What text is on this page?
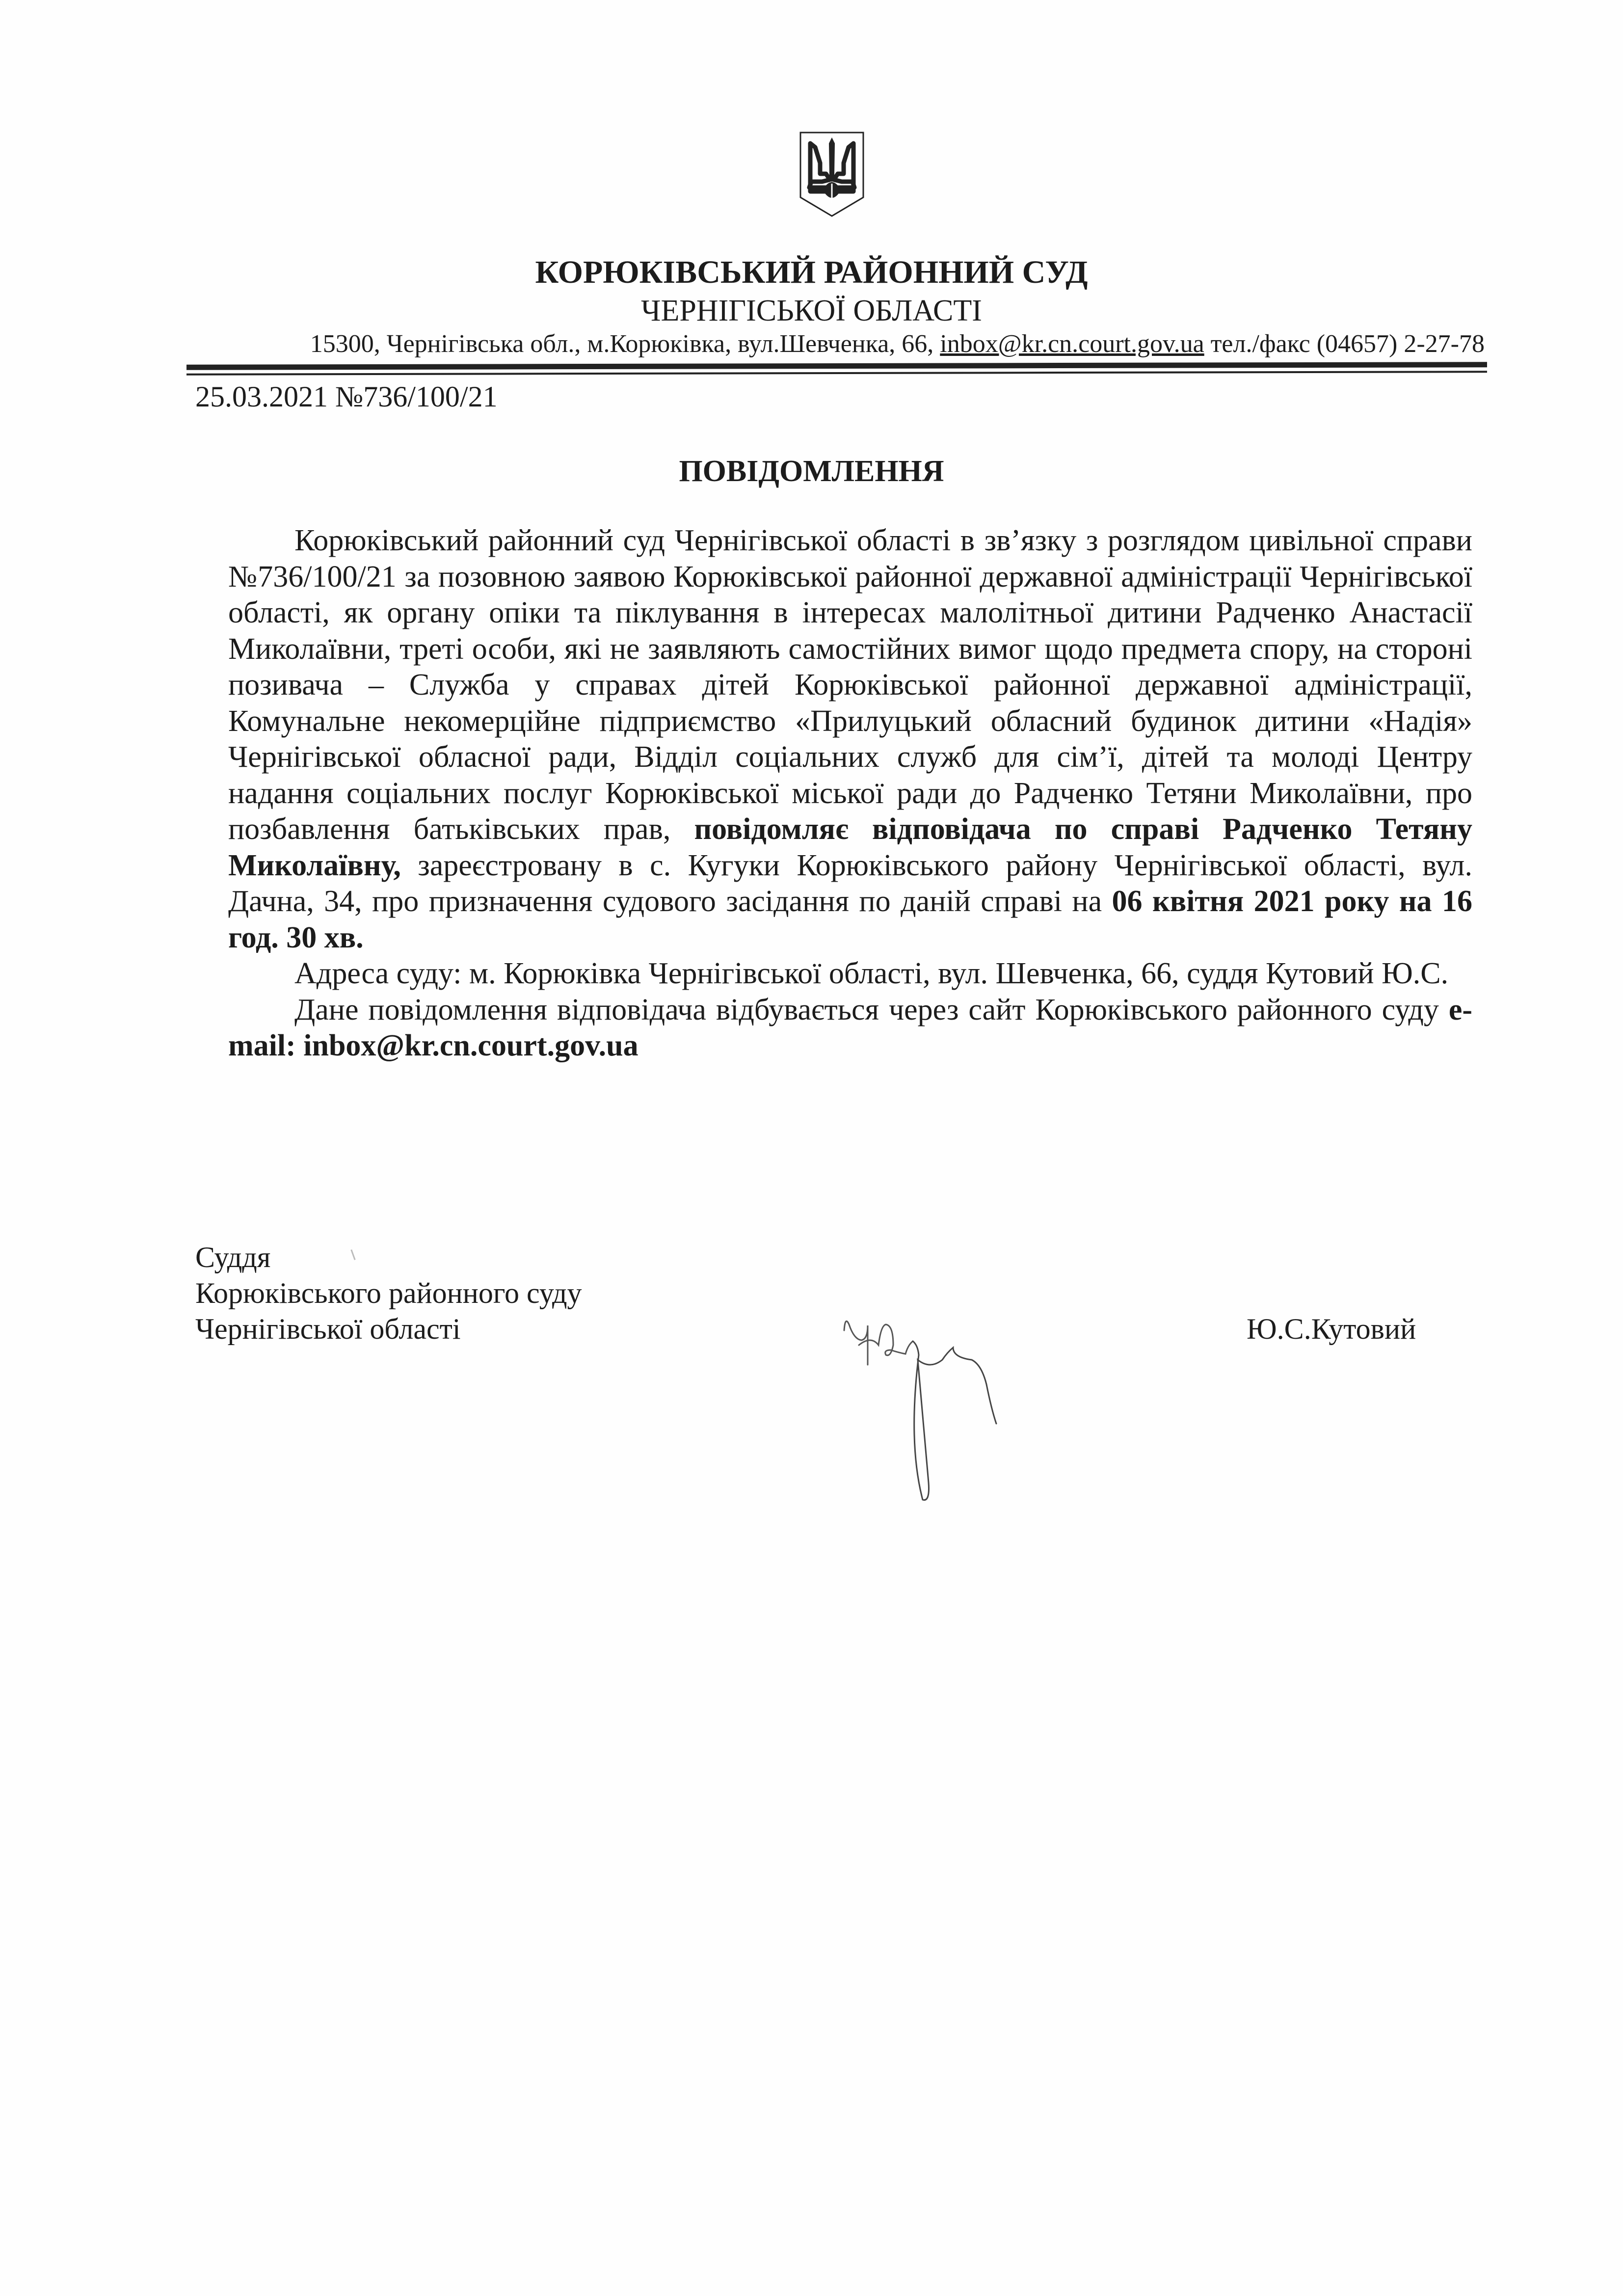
КОРЮКІВСЬКИЙ РАЙОННИЙ СУД
ЧЕРНІГІСЬКОЇ ОБЛАСТІ
15300, Чернігівська обл., м.Корюківка, вул.Шевченка, 66, inbox@kr.cn.court.gov.ua тел./факс (04657) 2-27-78
25.03.2021 №736/100/21
ПОВІДОМЛЕННЯ

Корюківський районний суд Чернігівської області в зв’язку з розглядом цивільної справи №736/100/21 за позовною заявою Корюківської районної державної адміністрації Чернігівської області, як органу опіки та піклування в інтересах малолітньої дитини Радченко Анастасії Миколаївни, треті особи, які не заявляють самостійних вимог щодо предмета спору, на стороні позивача – Служба у справах дітей Корюківської районної державної адміністрації, Комунальне некомерційне підприємство «Прилуцький обласний будинок дитини «Надія» Чернігівської обласної ради, Відділ соціальних служб для сім’ї, дітей та молоді Центру надання соціальних послуг Корюківської міської ради до Радченко Тетяни Миколаївни, про позбавлення батьківських прав, повідомляє відповідача по справі Радченко Тетяну Миколаївну, зареєстровану в с. Кугуки Корюківського району Чернігівської області, вул. Дачна, 34, про призначення судового засідання по даній справі на 06 квітня 2021 року на 16 год. 30 хв.

Адреса суду: м. Корюківка Чернігівської області, вул. Шевченка, 66, суддя Кутовий Ю.С.

Дане повідомлення відповідача відбувається через сайт Корюківського районного суду e-mail: inbox@kr.cn.court.gov.ua

Суддя
Корюківського районного суду
Чернігівської області	Ю.С.Кутовий
